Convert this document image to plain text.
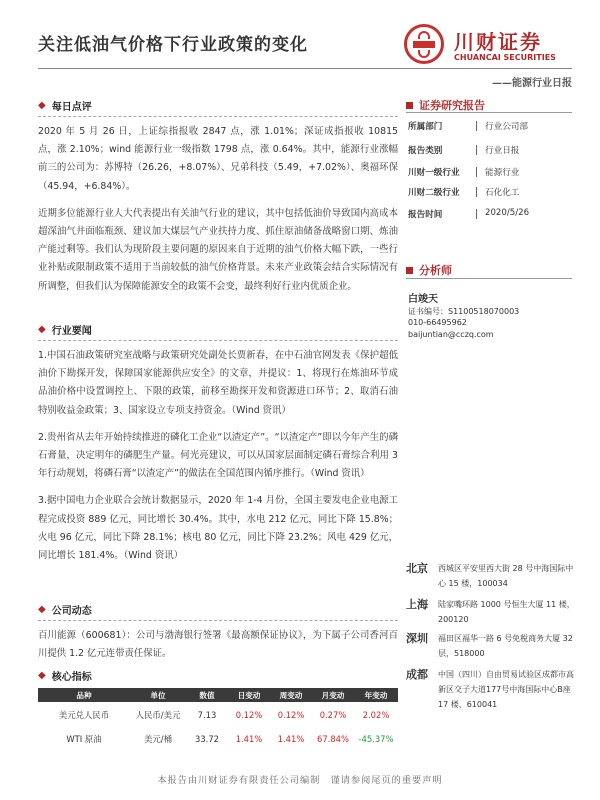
关注低油气价格下行业政策的变化	川财证券
CHUANCAI SECURITIES
——能源行业日报
◆ 每日点评
2020 年 5 月 26 日，上证综指报收 2847 点，涨 1.01%；深证成指报收 10815 点，涨 2.10%；wind 能源行业一级指数 1798 点，涨 0.64%。其中，能源行业涨幅前三的公司为：苏博特（26.26，+8.07%）、兄弟科技（5.49，+7.02%）、奥福环保（45.94，+6.84%）。
近期多位能源行业人大代表提出有关油气行业的建议，其中包括低油价导致国内高成本超深油气井面临瓶颈、建议加大煤层气产业扶持力度、抓住原油储备战略窗口期、炼油产能过剩等。我们认为现阶段主要问题的原因来自于近期的油气价格大幅下跌，一些行业补贴或限制政策不适用于当前较低的油气价格背景。未来产业政策会结合实际情况有所调整，但我们认为保障能源安全的政策不会变，最终利好行业内优质企业。
◆ 行业要闻
1.中国石油政策研究室战略与政策研究处副处长贾新春，在中石油官网发表《保护超低油价下勘探开发，保障国家能源供应安全》的文章，并提议：1、将现行在炼油环节成品油价格中设置调控上、下限的政策，前移至勘探开发和资源进口环节；2、取消石油特别收益金政策；3、国家设立专项支持资金。（Wind 资讯）
2.贵州省从去年开始持续推进的磷化工企业“以渣定产”。“以渣定产”即以今年产生的磷石膏量，决定明年的磷肥生产量。何光亮建议，可以从国家层面制定磷石膏综合利用 3 年行动规划，将磷石膏“以渣定产”的做法在全国范围内循序推行。（Wind 资讯）
3.据中国电力企业联合会统计数据显示，2020 年 1-4 月份，全国主要发电企业电源工程完成投资 889 亿元，同比增长 30.4%。其中，水电 212 亿元，同比下降 15.8%；火电 96 亿元，同比下降 28.1%；核电 80 亿元，同比下降 23.2%；风电 429 亿元，同比增长 181.4%。（Wind 资讯）
◆ 公司动态
百川能源（600681）：公司与渤海银行签署《最高额保证协议》，为下属子公司香河百川提供 1.2 亿元连带责任保证。
◆ 核心指标
品种	单位	数值	日变动	周变动	月变动	年变动
美元兑人民币	人民币/美元	7.13	0.12%	0.12%	0.27%	2.02%
WTI 原油	美元/桶	33.72	1.41%	1.41%	67.84%	-45.37%
证券研究报告
所属部门	行业公司部
报告类别	行业日报
川财一级行业	能源行业
川财二级行业	石化化工
报告时间	2020/5/26
分析师
白竣天
证书编号：S1100518070003
010-66495962
baijuntian@cczq.com
北京 西城区平安里西大街 28 号中海国际中心 15 楼，100034
上海 陆家嘴环路 1000 号恒生大厦 11 楼，200120
深圳 福田区福华一路 6 号免税商务大厦 32 层，518000
成都 中国（四川）自由贸易试验区成都市高新区交子大道177号中海国际中心B座 17 楼，610041
本报告由川财证券有限责任公司编制　谨请参阅尾页的重要声明
